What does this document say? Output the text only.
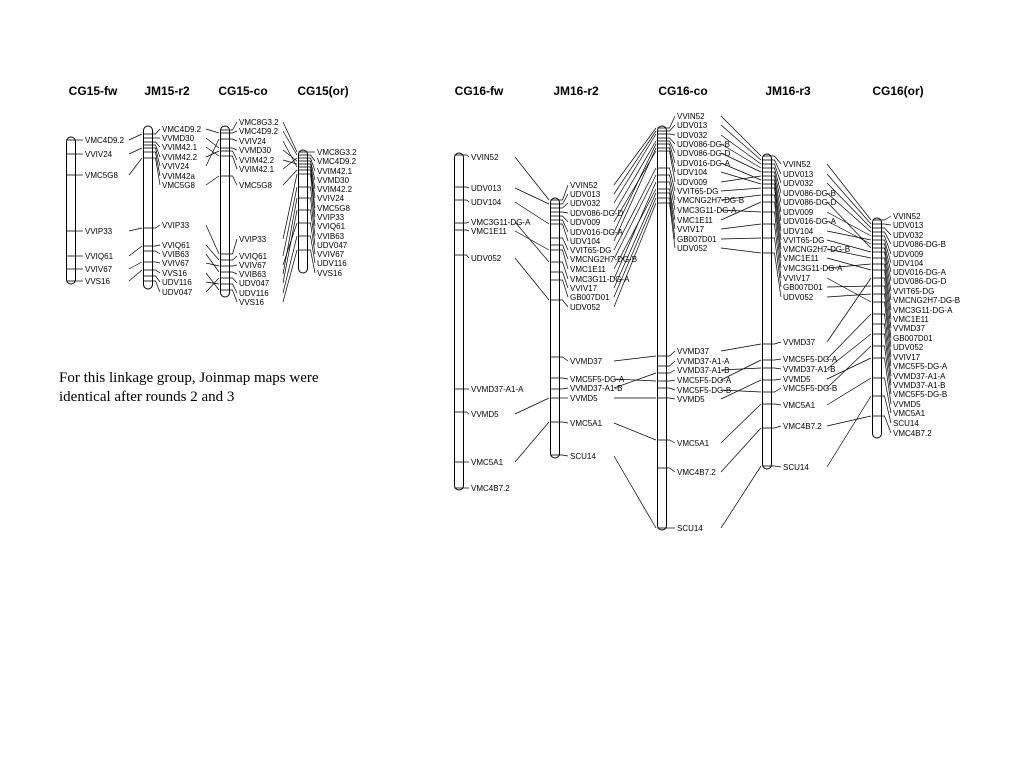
CG15-fw
VMC4D9.2
VVIV24
VMC5G8
VVIP33
VVIQ61
VVIV67
VVS16
JM15-r2
VMC4D9.2
VVMD30
VVIM42.1
VVIM42.2
VVIV24
VVIM42a
VMC5G8
VVIP33
VVIQ61
VVIB63
VVIV67
VVS16
UDV116
UDV047
CG15-co
VMC8G3.2
VMC4D9.2
VVIV24
VVMD30
VVIM42.2
VVIM42.1
VMC5G8
VVIP33
VVIQ61
VVIV67
VVIB63
UDV047
UDV116
VVS16
CG15(or)
VMC8G3.2
VMC4D9.2
VVIM42.1
VVMD30
VVIM42.2
VVIV24
VMC5G8
VVIP33
VVIQ61
VVIB63
UDV047
VVIV67
UDV116
VVS16
CG16-fw
VVIN52
UDV013
UDV104
VMC3G11-DG-A
VMC1E11
UDV052
VVMD37-A1-A
VVMD5
VMC5A1
VMC4B7.2
JM16-r2
VVIN52
UDV013
UDV032
UDV086-DG-D
UDV009
UDV016-DG-A
UDV104
VVIT65-DG
VMCNG2H7-DG-B
VMC1E11
VMC3G11-DG-A
VVIV17
GB007D01
UDV052
VVMD37
VMC5F5-DG-A
VVMD37-A1-B
VVMD5
VMC5A1
SCU14
CG16-co
VVIN52
UDV013
UDV032
UDV086-DG-B
UDV086-DG-D
UDV016-DG-A
UDV104
UDV009
VVIT65-DG
VMCNG2H7-DG-B
VMC3G11-DG-A
VMC1E11
VVIV17
GB007D01
UDV052
VVMD37
VVMD37-A1-A
VVMD37-A1-B
VMC5F5-DG-A
VMC5F5-DG-B
VVMD5
VMC5A1
VMC4B7.2
SCU14
JM16-r3
VVIN52
UDV013
UDV032
UDV086-DG-B
UDV086-DG-D
UDV009
UDV016-DG-A
UDV104
VVIT65-DG
VMCNG2H7-DG-B
VMC1E11
VMC3G11-DG-A
VVIV17
GB007D01
UDV052
VVMD37
VMC5F5-DG-A
VVMD37-A1-B
VVMD5
VMC5F5-DG-B
VMC5A1
VMC4B7.2
SCU14
CG16(or)
VVIN52
UDV013
UDV032
UDV086-DG-B
UDV009
UDV104
UDV016-DG-A
UDV086-DG-D
VVIT65-DG
VMCNG2H7-DG-B
VMC3G11-DG-A
VMC1E11
VVMD37
GB007D01
UDV052
VVIV17
VMC5F5-DG-A
VVMD37-A1-A
VVMD37-A1-B
VMC5F5-DG-B
VVMD5
VMC5A1
SCU14
VMC4B7.2

For this linkage group, Joinmap maps were identical after rounds 2 and 3
